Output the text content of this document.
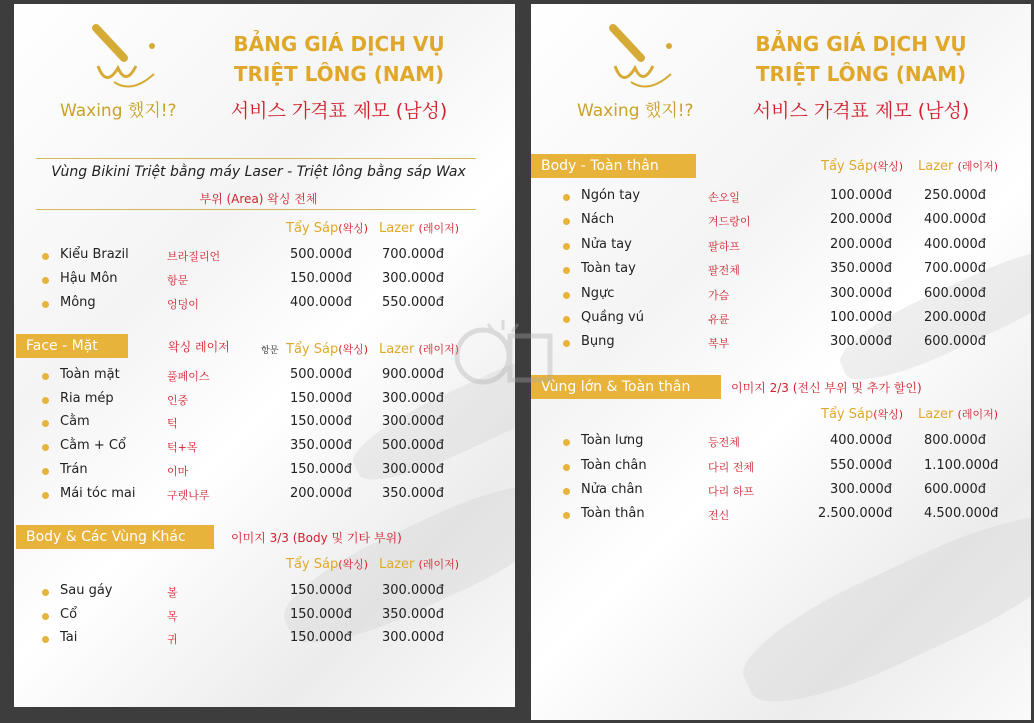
Waxing 했지!?
BẢNG GIÁ DỊCH VỤ
TRIỆT LÔNG (NAM)
서비스 가격표 제모 (남성)
Vùng Bikini Triệt bằng máy Laser - Triệt lông bằng sáp Wax
부위 (Area) 왁싱 전체
Tẩy Sáp(왁싱) Lazer (레이저)
Kiểu Brazil	브라질리언	500.000đ 700.000đ
Hậu Môn	항문	150.000đ 300.000đ
Mông	엉덩이	400.000đ 550.000đ
Face - Mặt	왁싱 레이저	항문 Tẩy Sáp(왁싱) Lazer (레이저)
Toàn mặt	풀페이스	500.000đ 900.000đ
Ria mép	인중	150.000đ 300.000đ
Cằm	턱	150.000đ 300.000đ
Cằm + Cổ	턱+목	350.000đ 500.000đ
Trán	이마	150.000đ 300.000đ
Mái tóc mai	구렛나루	200.000đ 350.000đ
Body & Các Vùng Khác	이미지 3/3 (Body 및 기타 부위)
Tẩy Sáp(왁싱) Lazer (레이저)
Sau gáy	볼	150.000đ 300.000đ
Cổ	목	150.000đ 350.000đ
Tai	귀	150.000đ 300.000đ
Waxing 했지!?
BẢNG GIÁ DỊCH VỤ
TRIỆT LÔNG (NAM)
서비스 가격표 제모 (남성)
Body - Toàn thân	Tẩy Sáp(왁싱) Lazer (레이저)
Ngón tay	손오일	100.000đ 250.000đ
Nách	겨드랑이	200.000đ 400.000đ
Nửa tay	팔하프	200.000đ 400.000đ
Toàn tay	팔전체	350.000đ 700.000đ
Ngực	가슴	300.000đ 600.000đ
Quầng vú	유륜	100.000đ 200.000đ
Bụng	복부	300.000đ 600.000đ
Vùng lớn & Toàn thân	이미지 2/3 (전신 부위 및 추가 할인)
Tẩy Sáp(왁싱) Lazer (레이저)
Toàn lưng	등전체	400.000đ 800.000đ
Toàn chân	다리 전체	550.000đ 1.100.000đ
Nửa chân	다리 하프	300.000đ 600.000đ
Toàn thân	전신	2.500.000đ 4.500.000đ
